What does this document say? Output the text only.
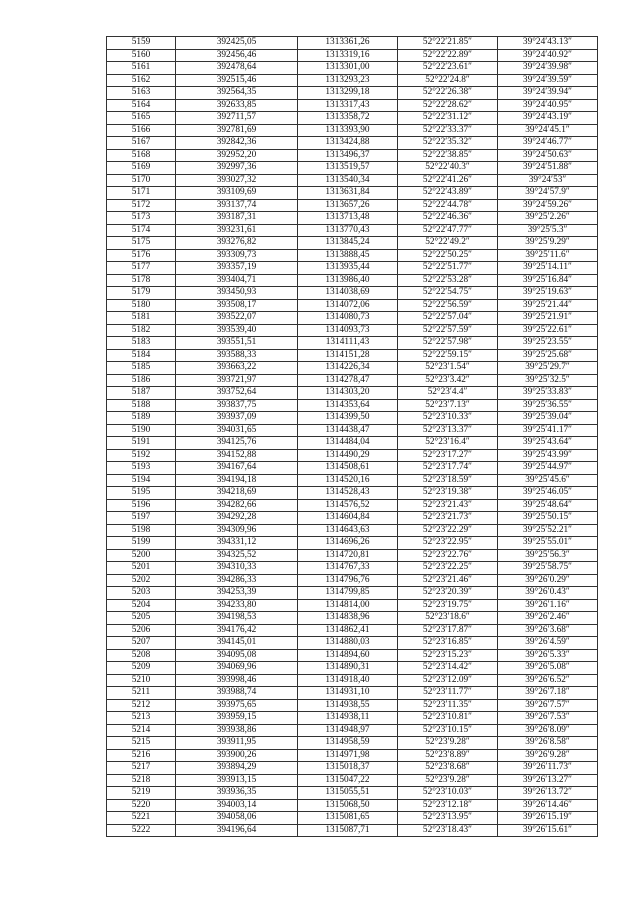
5159	392425,05	1313361,26	52°22′21.85″	39°24′43.13″
5160	392456,46	1313319,16	52°22′22.89″	39°24′40.92″
5161	392478,64	1313301,00	52°22′23.61″	39°24′39.98″
5162	392515,46	1313293,23	52°22′24.8″	39°24′39.59″
5163	392564,35	1313299,18	52°22′26.38″	39°24′39.94″
5164	392633,85	1313317,43	52°22′28.62″	39°24′40.95″
5165	392711,57	1313358,72	52°22′31.12″	39°24′43.19″
5166	392781,69	1313393,90	52°22′33.37″	39°24′45.1″
5167	392842,36	1313424,88	52°22′35.32″	39°24′46.77″
5168	392952,20	1313496,37	52°22′38.85″	39°24′50.63″
5169	392997,36	1313519,57	52°22′40.3″	39°24′51.88″
5170	393027,32	1313540,34	52°22′41.26″	39°24′53″
5171	393109,69	1313631,84	52°22′43.89″	39°24′57.9″
5172	393137,74	1313657,26	52°22′44.78″	39°24′59.26″
5173	393187,31	1313713,48	52°22′46.36″	39°25′2.26″
5174	393231,61	1313770,43	52°22′47.77″	39°25′5.3″
5175	393276,82	1313845,24	52°22′49.2″	39°25′9.29″
5176	393309,73	1313888,45	52°22′50.25″	39°25′11.6″
5177	393357,19	1313935,44	52°22′51.77″	39°25′14.11″
5178	393404,71	1313986,40	52°22′53.28″	39°25′16.84″
5179	393450,93	1314038,69	52°22′54.75″	39°25′19.63″
5180	393508,17	1314072,06	52°22′56.59″	39°25′21.44″
5181	393522,07	1314080,73	52°22′57.04″	39°25′21.91″
5182	393539,40	1314093,73	52°22′57.59″	39°25′22.61″
5183	393551,51	1314111,43	52°22′57.98″	39°25′23.55″
5184	393588,33	1314151,28	52°22′59.15″	39°25′25.68″
5185	393663,22	1314226,34	52°23′1.54″	39°25′29.7″
5186	393721,97	1314278,47	52°23′3.42″	39°25′32.5″
5187	393752,64	1314303,20	52°23′4.4″	39°25′33.83″
5188	393837,75	1314353,64	52°23′7.13″	39°25′36.55″
5189	393937,09	1314399,50	52°23′10.33″	39°25′39.04″
5190	394031,65	1314438,47	52°23′13.37″	39°25′41.17″
5191	394125,76	1314484,04	52°23′16.4″	39°25′43.64″
5192	394152,88	1314490,29	52°23′17.27″	39°25′43.99″
5193	394167,64	1314508,61	52°23′17.74″	39°25′44.97″
5194	394194,18	1314520,16	52°23′18.59″	39°25′45.6″
5195	394218,69	1314528,43	52°23′19.38″	39°25′46.05″
5196	394282,66	1314576,52	52°23′21.43″	39°25′48.64″
5197	394292,28	1314604,84	52°23′21.73″	39°25′50.15″
5198	394309,96	1314643,63	52°23′22.29″	39°25′52.21″
5199	394331,12	1314696,26	52°23′22.95″	39°25′55.01″
5200	394325,52	1314720,81	52°23′22.76″	39°25′56.3″
5201	394310,33	1314767,33	52°23′22.25″	39°25′58.75″
5202	394286,33	1314796,76	52°23′21.46″	39°26′0.29″
5203	394253,39	1314799,85	52°23′20.39″	39°26′0.43″
5204	394233,80	1314814,00	52°23′19.75″	39°26′1.16″
5205	394198,53	1314838,96	52°23′18.6″	39°26′2.46″
5206	394176,42	1314862,41	52°23′17.87″	39°26′3.68″
5207	394145,01	1314880,03	52°23′16.85″	39°26′4.59″
5208	394095,08	1314894,60	52°23′15.23″	39°26′5.33″
5209	394069,96	1314890,31	52°23′14.42″	39°26′5.08″
5210	393998,46	1314918,40	52°23′12.09″	39°26′6.52″
5211	393988,74	1314931,10	52°23′11.77″	39°26′7.18″
5212	393975,65	1314938,55	52°23′11.35″	39°26′7.57″
5213	393959,15	1314938,11	52°23′10.81″	39°26′7.53″
5214	393938,86	1314948,97	52°23′10.15″	39°26′8.09″
5215	393911,95	1314958,59	52°23′9.28″	39°26′8.58″
5216	393900,26	1314971,98	52°23′8.89″	39°26′9.28″
5217	393894,29	1315018,37	52°23′8.68″	39°26′11.73″
5218	393913,15	1315047,22	52°23′9.28″	39°26′13.27″
5219	393936,35	1315055,51	52°23′10.03″	39°26′13.72″
5220	394003,14	1315068,50	52°23′12.18″	39°26′14.46″
5221	394058,06	1315081,65	52°23′13.95″	39°26′15.19″
5222	394196,64	1315087,71	52°23′18.43″	39°26′15.61″
